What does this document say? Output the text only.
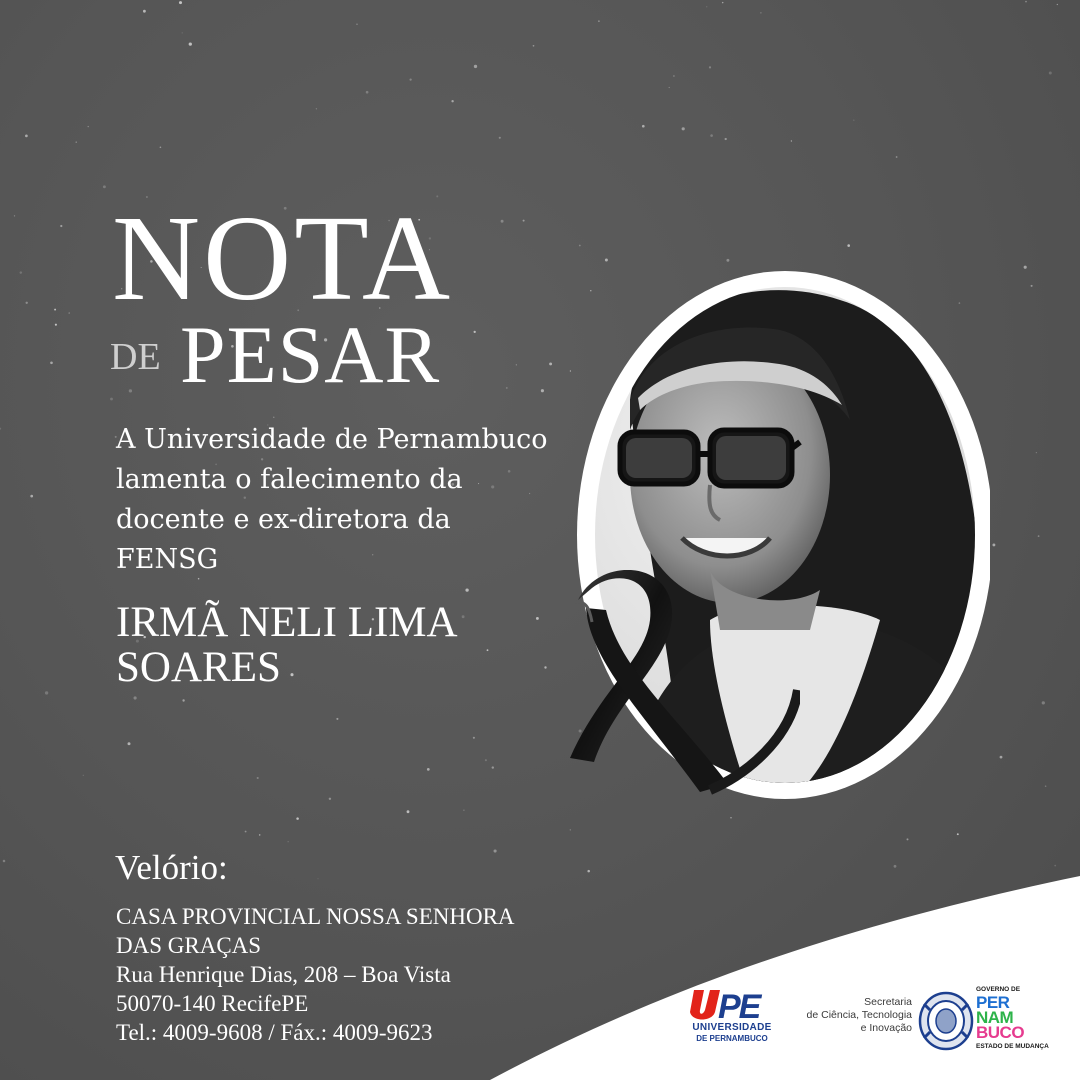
NOTA
DE PESAR

A Universidade de Pernambuco lamenta o falecimento da docente e ex-diretora da FENSG

IRMÃ NELI LIMA SOARES
Velório:
CASA PROVINCIAL NOSSA SENHORA
DAS GRAÇAS
Rua Henrique Dias, 208 – Boa Vista
50070-140 RecifePE
Tel.: 4009-9608 / Fáx.: 4009-9623
PE
UNIVERSIDADE
DE PERNAMBUCO
Secretaria
de Ciência, Tecnologia
e Inovação
GOVERNO DE
PER
NAM
BUCO
ESTADO DE MUDANÇA
